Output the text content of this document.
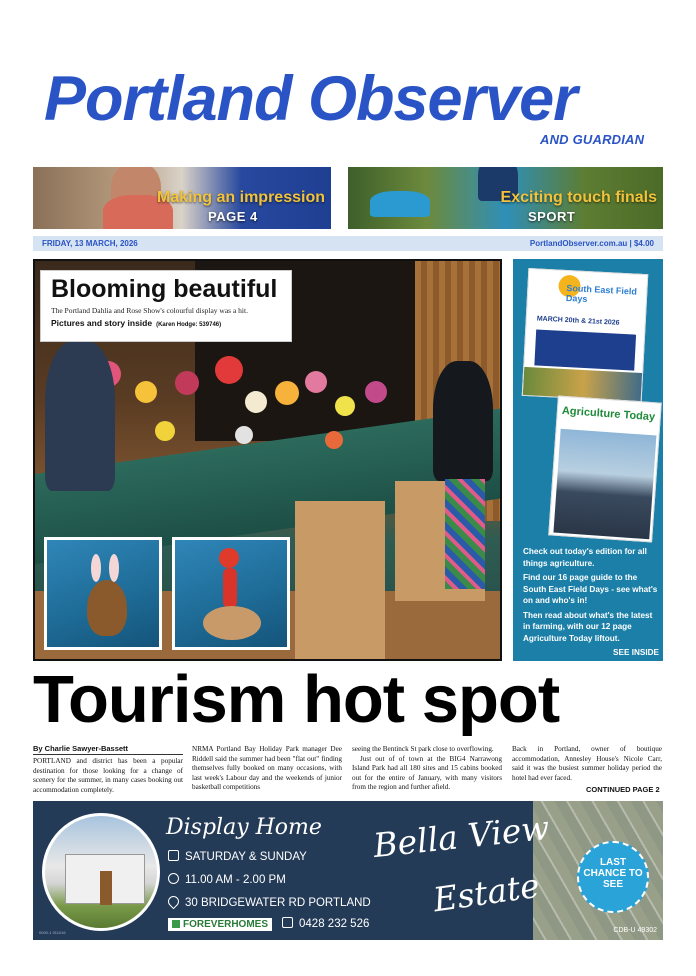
Portland Observer
AND GUARDIAN
Making an impression
PAGE 4
Exciting touch finals
SPORT
FRIDAY, 13 MARCH, 2026	PortlandObserver.com.au | $4.00
Blooming beautiful
The Portland Dahlia and Rose Show's colourful display was a hit.
Pictures and story inside (Karen Hodge: 539746)
South East Field Days
MARCH 20th & 21st 2026
Agriculture Today

Check out today's edition for all things agriculture.

Find our 16 page guide to the South East Field Days - see what's on and who's in!

Then read about what's the latest in farming, with our 12 page Agriculture Today liftout.

SEE INSIDE

Tourism hot spot
By Charlie Sawyer-Bassett

PORTLAND and district has been a popular destination for those looking for a change of scenery for the summer, in many cases booking out accommodation completely.

NRMA Portland Bay Holiday Park manager Dee Riddell said the summer had been "flat out" finding themselves fully booked on many occasions, with last week's Labour day and the weekends of junior basketball competitions

seeing the Bentinck St park close to overflowing.

Just out of of town at the BIG4 Narrawong Island Park had all 180 sites and 15 cabins booked out for the entire of January, with many visitors from the region and further afield.

Back in Portland, owner of boutique accommodation, Annesley House's Nicole Carr, said it was the busiest summer holiday period the hotel had ever faced.

CONTINUED PAGE 2
0000-1 011016
Display Home
SATURDAY & SUNDAY
11.00 AM - 2.00 PM
30 BRIDGEWATER RD PORTLAND
FOREVERHOMES	0428 232 526
Bella View
Estate
LAST CHANCE TO SEE
CDB-U 49302
